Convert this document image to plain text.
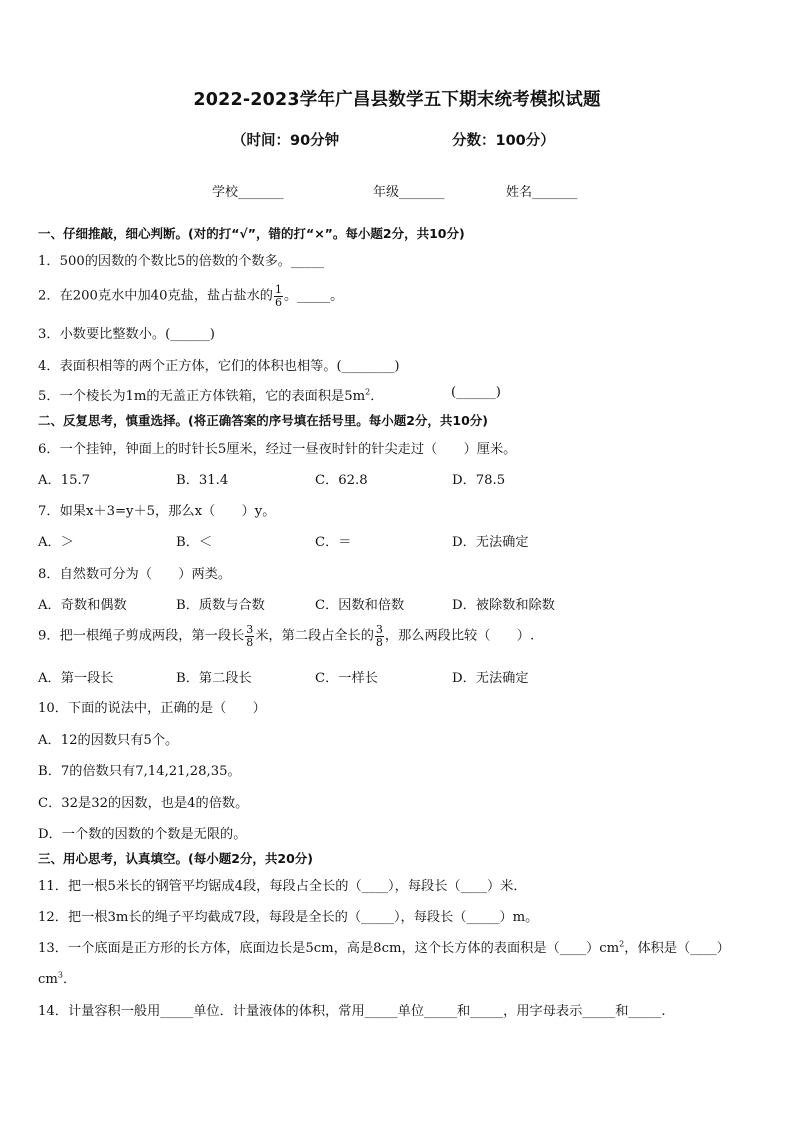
2022-2023学年广昌县数学五下期末统考模拟试题
（时间：90分钟	分数：100分）
学校_______	年级_______	姓名_______
一、仔细推敲，细心判断。(对的打“√”，错的打“×”。每小题2分，共10分)
1．500的因数的个数比5的倍数的个数多。_____
2．在200克水中加40克盐，盐占盐水的 $\frac{1}{6}$ 。_____。
3．小数要比整数小。(______)
4．表面积相等的两个正方体，它们的体积也相等。(________)
5．一个棱长为1m的无盖正方体铁箱，它的表面积是$5m^2$．	(______)
二、反复思考，慎重选择。(将正确答案的序号填在括号里。每小题2分，共10分)
6．一个挂钟，钟面上的时针长5厘米，经过一昼夜时针的针尖走过（　　）厘米。
A．15.7	B．31.4	C．62.8	D．78.5
7．如果x＋3=y＋5，那么x（　　）y。
A．＞	B．＜	C．＝	D．无法确定
8．自然数可分为（　　）两类。
A．奇数和偶数	B．质数与合数	C．因数和倍数	D．被除数和除数
9．把一根绳子剪成两段，第一段长 $\frac{3}{8}$ 米，第二段占全长的 $\frac{3}{8}$ ，那么两段比较（　　）.
A．第一段长	B．第二段长	C．一样长	D．无法确定
10．下面的说法中，正确的是（　　）
A．12的因数只有5个。
B．7的倍数只有7,14,21,28,35。
C．32是32的因数，也是4的倍数。
D．一个数的因数的个数是无限的。
三、用心思考，认真填空。(每小题2分，共20分)
11．把一根5米长的钢管平均锯成4段，每段占全长的（____），每段长（____）米．
12．把一根3m长的绳子平均截成7段，每段是全长的（_____），每段长（_____）m。
13．一个底面是正方形的长方体，底面边长是5cm，高是8cm，这个长方体的表面积是$(\_\_\_\_)cm^2$，体积是（____）
$cm^3$．
14．计量容积一般用_____单位．计量液体的体积，常用_____单位_____和_____，用字母表示_____和_____.
